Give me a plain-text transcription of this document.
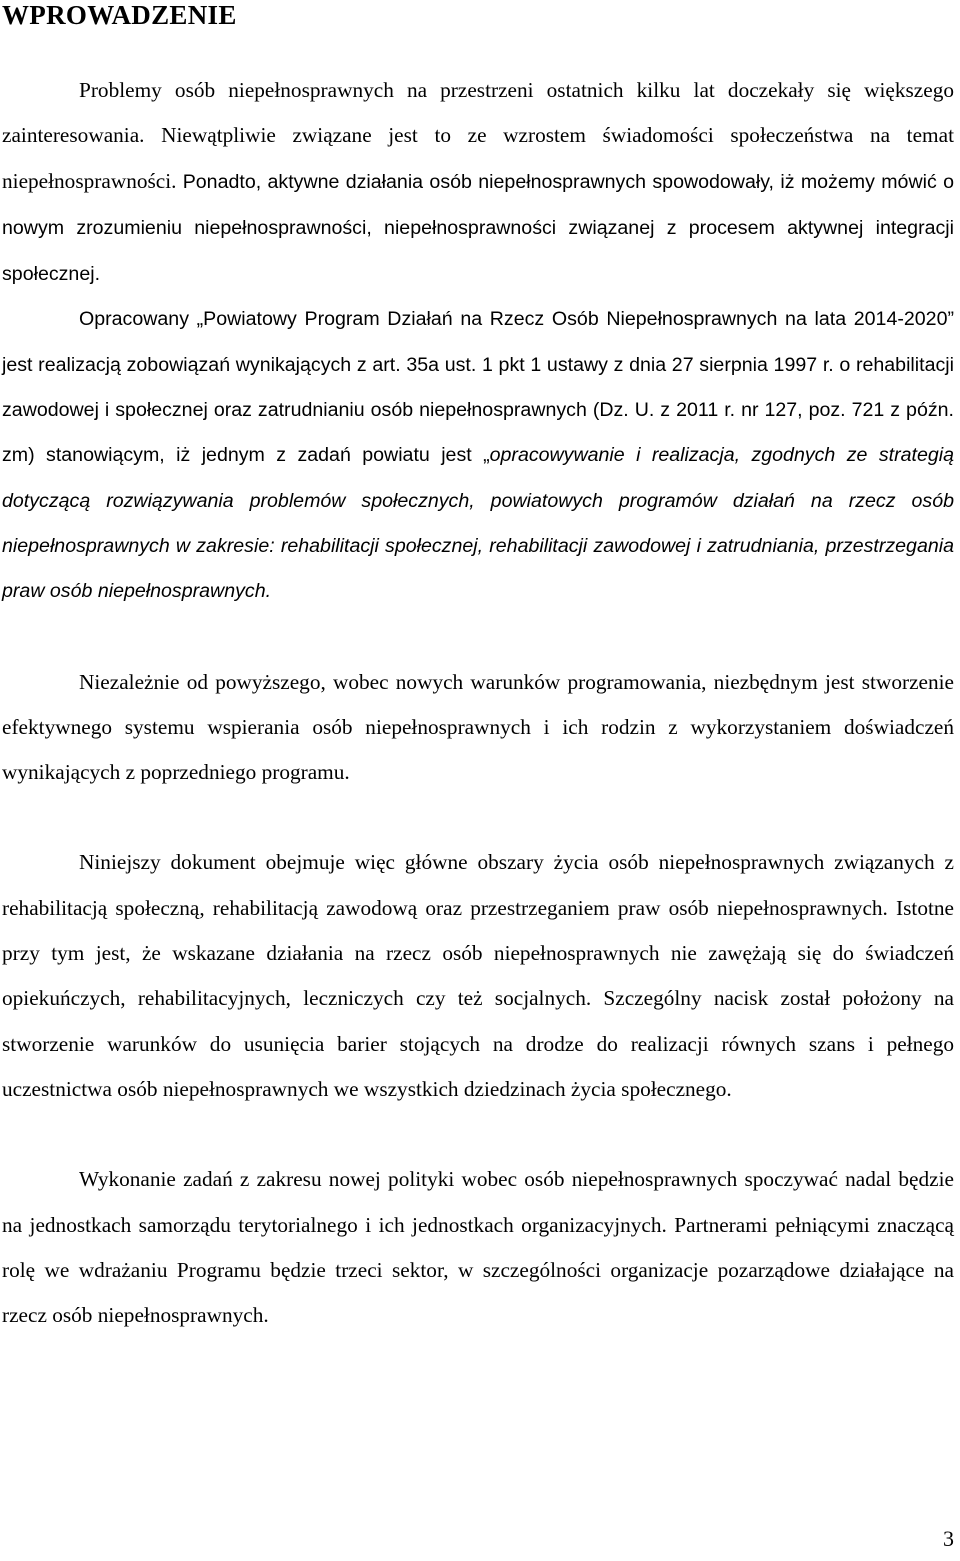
WPROWADZENIE

Problemy osób niepełnosprawnych na przestrzeni ostatnich kilku lat doczekały się większego zainteresowania. Niewątpliwie związane jest to ze wzrostem świadomości społeczeństwa na temat niepełnosprawności. Ponadto, aktywne działania osób niepełnosprawnych spowodowały, iż możemy mówić o nowym zrozumieniu niepełnosprawności, niepełnosprawności związanej z procesem aktywnej integracji społecznej.

Opracowany „Powiatowy Program Działań na Rzecz Osób Niepełnosprawnych na lata 2014-2020” jest realizacją zobowiązań wynikających z art. 35a ust. 1 pkt 1 ustawy z dnia 27 sierpnia 1997 r. o rehabilitacji zawodowej i społecznej oraz zatrudnianiu osób niepełnosprawnych (Dz. U. z 2011 r. nr 127, poz. 721 z późn. zm) stanowiącym, iż jednym z zadań powiatu jest „opracowywanie i realizacja, zgodnych ze strategią dotyczącą rozwiązywania problemów społecznych, powiatowych programów działań na rzecz osób niepełnosprawnych w zakresie: rehabilitacji społecznej, rehabilitacji zawodowej i zatrudniania, przestrzegania praw osób niepełnosprawnych.

Niezależnie od powyższego, wobec nowych warunków programowania, niezbędnym jest stworzenie efektywnego systemu wspierania osób niepełnosprawnych i ich rodzin z wykorzystaniem doświadczeń wynikających z poprzedniego programu.

Niniejszy dokument obejmuje więc główne obszary życia osób niepełnosprawnych związanych z rehabilitacją społeczną, rehabilitacją zawodową oraz przestrzeganiem praw osób niepełnosprawnych. Istotne przy tym jest, że wskazane działania na rzecz osób niepełnosprawnych nie zawężają się do świadczeń opiekuńczych, rehabilitacyjnych, leczniczych czy też socjalnych. Szczególny nacisk został położony na stworzenie warunków do usunięcia barier stojących na drodze do realizacji równych szans i pełnego uczestnictwa osób niepełnosprawnych we wszystkich dziedzinach życia społecznego.

Wykonanie zadań z zakresu nowej polityki wobec osób niepełnosprawnych spoczywać nadal będzie na jednostkach samorządu terytorialnego i ich jednostkach organizacyjnych. Partnerami pełniącymi znaczącą rolę we wdrażaniu Programu będzie trzeci sektor, w szczególności organizacje pozarządowe działające na rzecz osób niepełnosprawnych.

3
